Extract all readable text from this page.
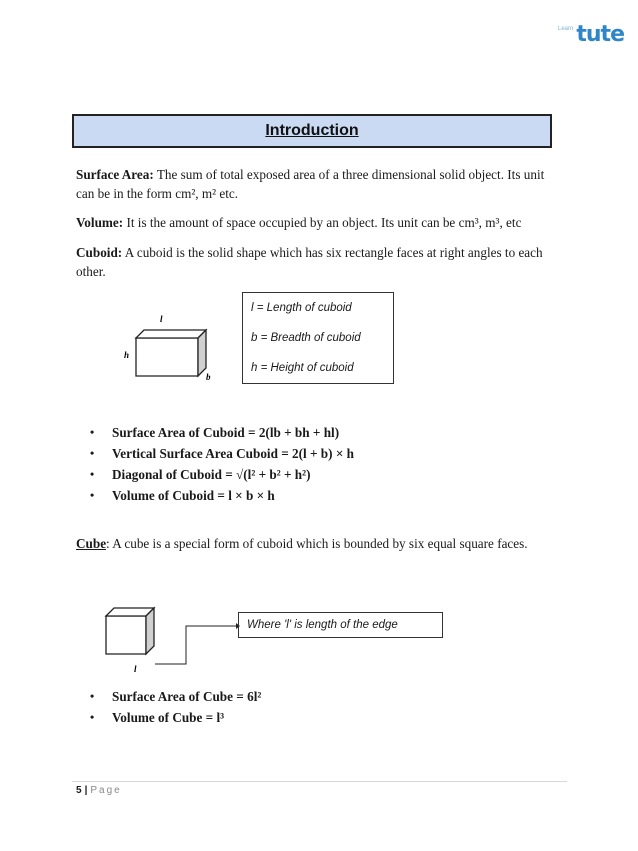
Learn tute
Introduction
Surface Area: The sum of total exposed area of a three dimensional solid object. Its unit can be in the form cm², m² etc.
Volume: It is the amount of space occupied by an object. Its unit can be cm³, m³, etc
Cuboid: A cuboid is the solid shape which has six rectangle faces at right angles to each other.
l
h
b
l = Length of cuboid
b = Breadth of cuboid
h = Height of cuboid
• Surface Area of Cuboid = 2(lb + bh + hl)
• Vertical Surface Area Cuboid = 2(l + b) × h
• Diagonal of Cuboid = √(l² + b² + h²)
• Volume of Cuboid = l × b × h
Cube: A cube is a special form of cuboid which is bounded by six equal square faces.
l
Where 'l' is length of the edge
• Surface Area of Cube = 6l²
• Volume of Cube = l³
5 | Page
